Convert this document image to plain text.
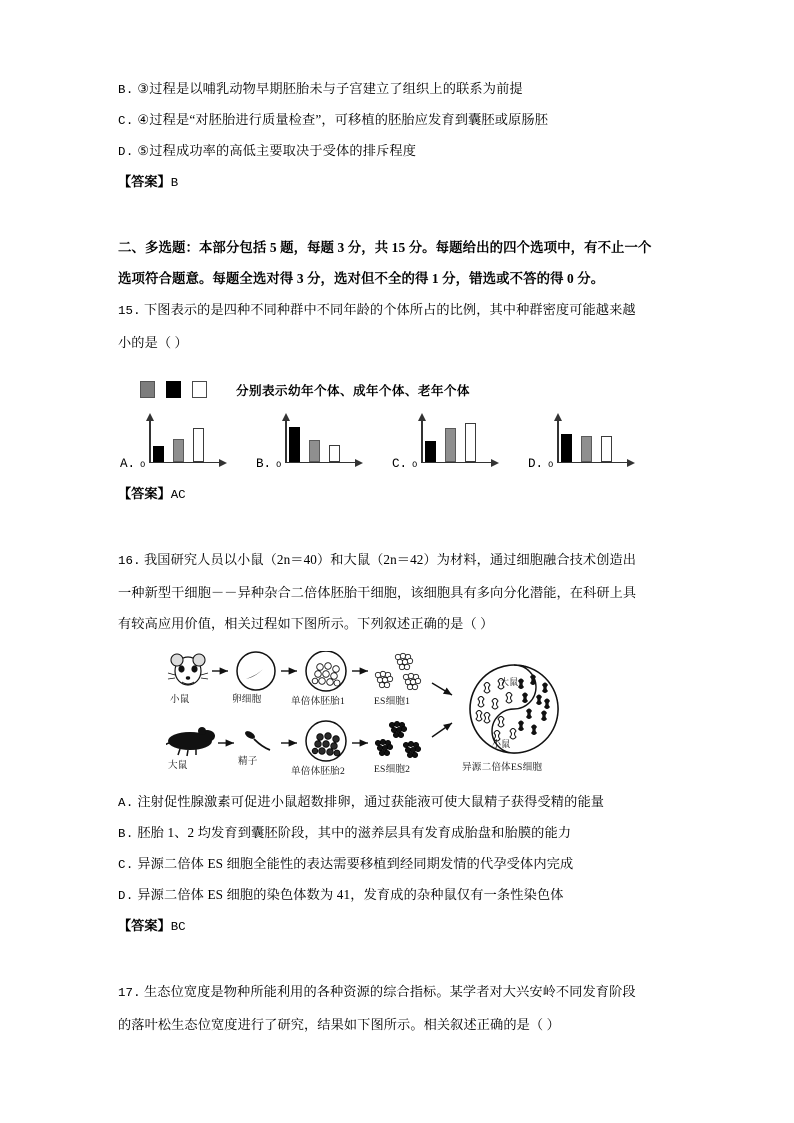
B. ③过程是以哺乳动物早期胚胎未与子宫建立了组织上的联系为前提
C. ④过程是“对胚胎进行质量检查”，可移植的胚胎应发育到囊胚或原肠胚
D. ⑤过程成功率的高低主要取决于受体的排斥程度
【答案】B
二、多选题：本部分包括 5 题，每题 3 分，共 15 分。每题给出的四个选项中，有不止一个
选项符合题意。每题全选对得 3 分，选对但不全的得 1 分，错选或不答的得 0 分。
15. 下图表示的是四种不同种群中不同年龄的个体所占的比例，其中种群密度可能越来越
小的是（ ）
分别表示幼年个体、成年个体、老年个体
A. O	B. O	C. O	D. O
【答案】AC
16. 我国研究人员以小鼠（2n＝40）和大鼠（2n＝42）为材料，通过细胞融合技术创造出
一种新型干细胞－－异种杂合二倍体胚胎干细胞，该细胞具有多向分化潜能，在科研上具
有较高应用价值，相关过程如下图所示。下列叙述正确的是（ ）
小鼠	卵细胞	单倍体胚胎1	ES细胞1
大鼠	精子
单倍体胚胎2	ES细胞2
大鼠
小鼠
异源二倍体ES细胞
A. 注射促性腺激素可促进小鼠超数排卵，通过获能液可使大鼠精子获得受精的能量
B. 胚胎 1、2 均发育到囊胚阶段，其中的滋养层具有发育成胎盘和胎膜的能力
C. 异源二倍体 ES 细胞全能性的表达需要移植到经同期发情的代孕受体内完成
D. 异源二倍体 ES 细胞的染色体数为 41，发育成的杂种鼠仅有一条性染色体
【答案】BC
17. 生态位宽度是物种所能利用的各种资源的综合指标。某学者对大兴安岭不同发育阶段
的落叶松生态位宽度进行了研究，结果如下图所示。相关叙述正确的是（ ）
